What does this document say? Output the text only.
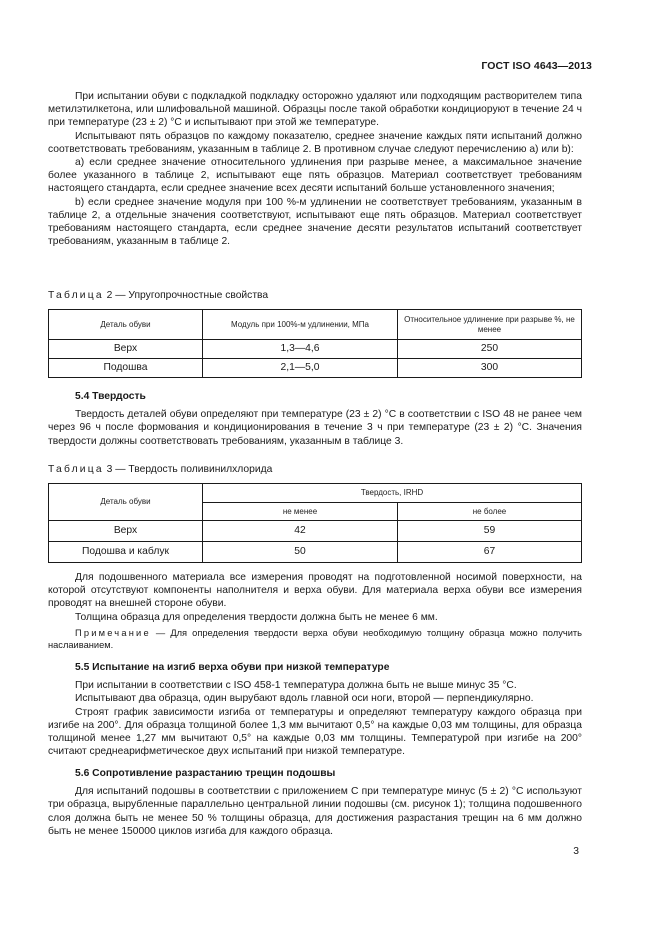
ГОСТ ISO 4643—2013

При испытании обуви с подкладкой подкладку осторожно удаляют или подходящим растворителем типа метилэтилкетона, или шлифовальной машиной. Образцы после такой обработки кондициоруют в течение 24 ч при температуре (23 ± 2) °С и испытывают при этой же температуре.

Испытывают пять образцов по каждому показателю, среднее значение каждых пяти испытаний должно соответствовать требованиям, указанным в таблице 2. В противном случае следуют перечислению а) или b):

а) если среднее значение относительного удлинения при разрыве менее, а максимальное значение более указанного в таблице 2, испытывают еще пять образцов. Материал соответствует требованиям настоящего стандарта, если среднее значение всех десяти испытаний больше установленного значения;

b) если среднее значение модуля при 100 %-м удлинении не соответствует требованиям, указанным в таблице 2, а отдельные значения соответствуют, испытывают еще пять образцов. Материал соответствует требованиям настоящего стандарта, если среднее значение десяти результатов испытаний соответствует требованиям, указанным в таблице 2.

Таблица 2 — Упругопрочностные свойства

Деталь обуви	Модуль при 100%-м удлинении, МПа	Относительное удлинение при разрыве %, не менее
Верх	1,3—4,6	250
Подошва	2,1—5,0	300

5.4 Твердость

Твердость деталей обуви определяют при температуре (23 ± 2) °С в соответствии с ISO 48 не ранее чем через 96 ч после формования и кондиционирования в течение 3 ч при температуре (23 ± 2) °С. Значения твердости должны соответствовать требованиям, указанным в таблице 3.

Таблица 3 — Твердость поливинилхлорида

Деталь обуви	Твердость, IRHD	
	не менее	не более
Верх	42	59
Подошва и каблук	50	67

Для подошвенного материала все измерения проводят на подготовленной носимой поверхности, на которой отсутствуют компоненты наполнителя и верха обуви. Для материала верха обуви все измерения проводят на внешней стороне обуви.

Толщина образца для определения твердости должна быть не менее 6 мм.

Примечание — Для определения твердости верха обуви необходимую толщину образца можно получить наслаиванием.

5.5 Испытание на изгиб верха обуви при низкой температуре

При испытании в соответствии с ISO 458-1 температура должна быть не выше минус 35 °С.

Испытывают два образца, один вырубают вдоль главной оси ноги, второй — перпендикулярно.

Строят график зависимости изгиба от температуры и определяют температуру каждого образца при изгибе на 200°. Для образца толщиной более 1,3 мм вычитают 0,5° на каждые 0,03 мм толщины, для образца толщиной менее 1,27 мм вычитают 0,5° на каждые 0,03 мм толщины. Температурой при изгибе на 200° считают среднеарифметическое двух испытаний при низкой температуре.

5.6 Сопротивление разрастанию трещин подошвы

Для испытаний подошвы в соответствии с приложением С при температуре минус (5 ± 2) °С используют три образца, вырубленные параллельно центральной линии подошвы (см. рисунок 1); толщина подошвенного слоя должна быть не менее 50 % толщины образца, для достижения разрастания трещин на 6 мм должно быть не менее 150000 циклов изгиба для каждого образца.

3
